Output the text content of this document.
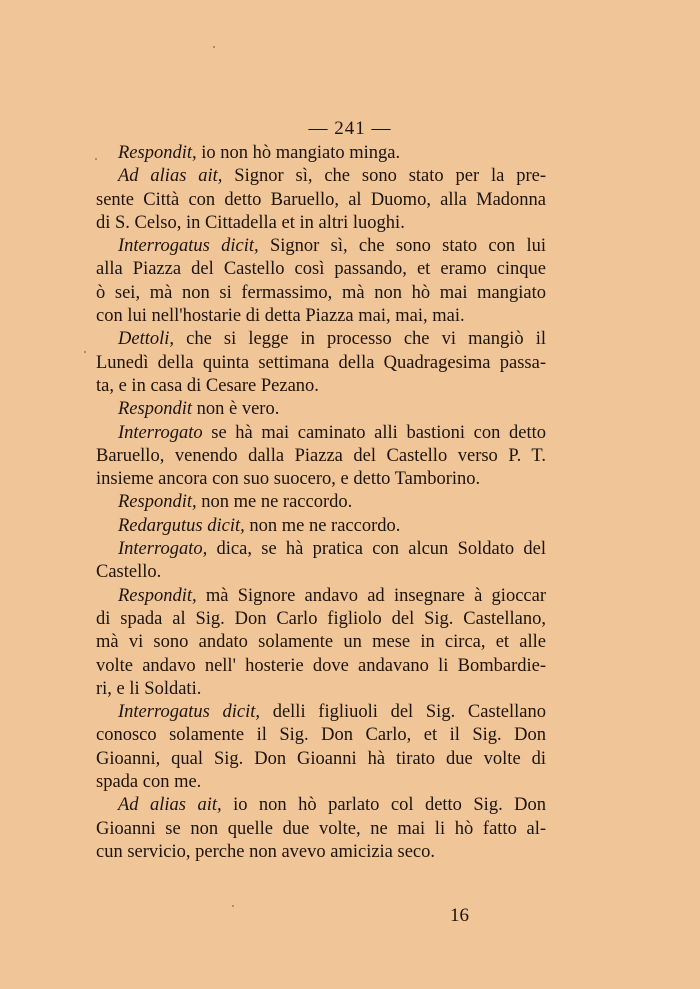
— 241 —
Respondit, io non hò mangiato minga.
Ad alias ait, Signor sì, che sono stato per la pre-
sente Città con detto Baruello, al Duomo, alla Madonna
di S. Celso, in Cittadella et in altri luoghi.
Interrogatus dicit, Signor sì, che sono stato con lui
alla Piazza del Castello così passando, et eramo cinque
ò sei, mà non si fermassimo, mà non hò mai mangiato
con lui nell'hostarie di detta Piazza mai, mai, mai.
Dettoli, che si legge in processo che vi mangiò il
Lunedì della quinta settimana della Quadragesima passa-
ta, e in casa di Cesare Pezano.
Respondit non è vero.
Interrogato se hà mai caminato alli bastioni con detto
Baruello, venendo dalla Piazza del Castello verso P. T.
insieme ancora con suo suocero, e detto Tamborino.
Respondit, non me ne raccordo.
Redargutus dicit, non me ne raccordo.
Interrogato, dica, se hà pratica con alcun Soldato del
Castello.
Respondit, mà Signore andavo ad insegnare à gioccar
di spada al Sig. Don Carlo figliolo del Sig. Castellano,
mà vi sono andato solamente un mese in circa, et alle
volte andavo nell' hosterie dove andavano li Bombardie-
ri, e li Soldati.
Interrogatus dicit, delli figliuoli del Sig. Castellano
conosco solamente il Sig. Don Carlo, et il Sig. Don
Gioanni, qual Sig. Don Gioanni hà tirato due volte di
spada con me.
Ad alias ait, io non hò parlato col detto Sig. Don
Gioanni se non quelle due volte, ne mai li hò fatto al-
cun servicio, perche non avevo amicizia seco.
16
